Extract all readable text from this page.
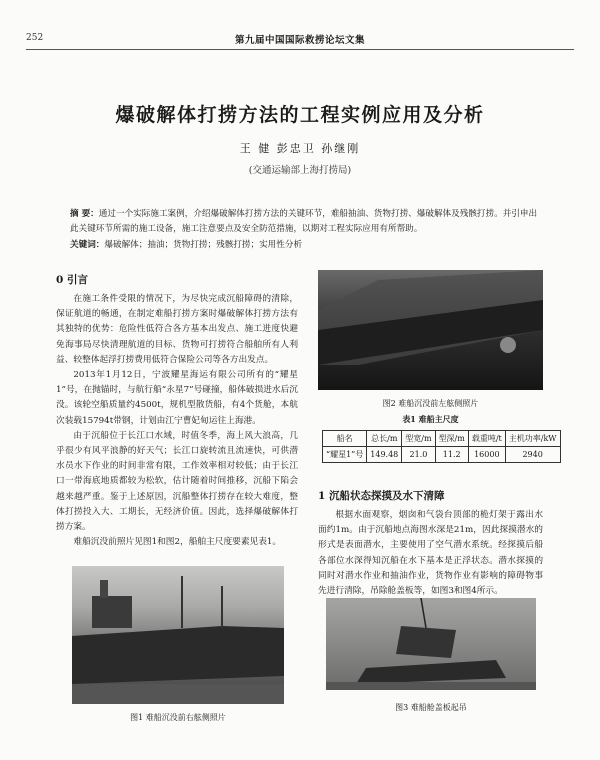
252	第九届中国国际救捞论坛文集
爆破解体打捞方法的工程实例应用及分析
王 健 彭忠卫 孙继刚
(交通运输部上海打捞局)
摘 要：通过一个实际施工案例，介绍爆破解体打捞方法的关键环节，难船抽油、货物打捞、爆破解体及残骸打捞。并引申出此关键环节所需的施工设备，施工注意要点及安全防范措施，以期对工程实际应用有所帮助。
关键词：爆破解体；抽油；货物打捞；残骸打捞；实用性分析
0 引言

在施工条件受限的情况下，为尽快完成沉船障碍的清除，保证航道的畅通，在制定难船打捞方案时爆破解体打捞方法有其独特的优势：危险性低符合各方基本出发点、施工进度快避免海事局尽快清理航道的目标、货物可打捞符合船舶所有人利益、较整体起浮打捞费用低符合保险公司等各方出发点。

2013年1月12日，宁波耀星海运有限公司所有的“耀星1”号，在抛锚时，与航行船“永星7”号碰撞，船体破损进水后沉没。该轮空船质量约4500t，规机型散货船，有4个货舱，本航次装载15794t带钢，计划由江宁曹妃甸运往上海港。

由于沉船位于长江口水域，时值冬季，海上风大浪高，几乎很少有风平浪静的好天气；长江口旋转流且流速快，可供潜水员水下作业的时间非常有限，工作效率相对较低；由于长江口一带海底地质都较为松软，估计随着时间推移，沉船下陷会越来越严重。鉴于上述原因，沉船整体打捞存在较大难度，整体打捞投入大、工期长，无经济价值。因此，选择爆破解体打捞方案。

难船沉没前照片见图1和图2，船舶主尺度要素见表1。

图1 难船沉没前右舷侧照片
图2 难船沉没前左舷侧照片
表1 难船主尺度
船名	总长/m	型宽/m	型深/m	载重吨/t	主机功率/kW
“耀星1”号	149.48	21.0	11.2	16000	2940
1 沉船状态探摸及水下清障

根据水面观察，烟囱和气袋台顶部的桅灯架于露出水面约1m。由于沉船地点海图水深是21m，因此探摸潜水的形式是表面潜水，主要使用了空气潜水系统。经探摸后船各部位水深得知沉船在水下基本是正浮状态。潜水探摸的同时对潜水作业和抽油作业，货物作业有影响的障碍物事先进行清除，吊除舱盖板等，如图3和图4所示。

图3 难船舱盖板起吊
